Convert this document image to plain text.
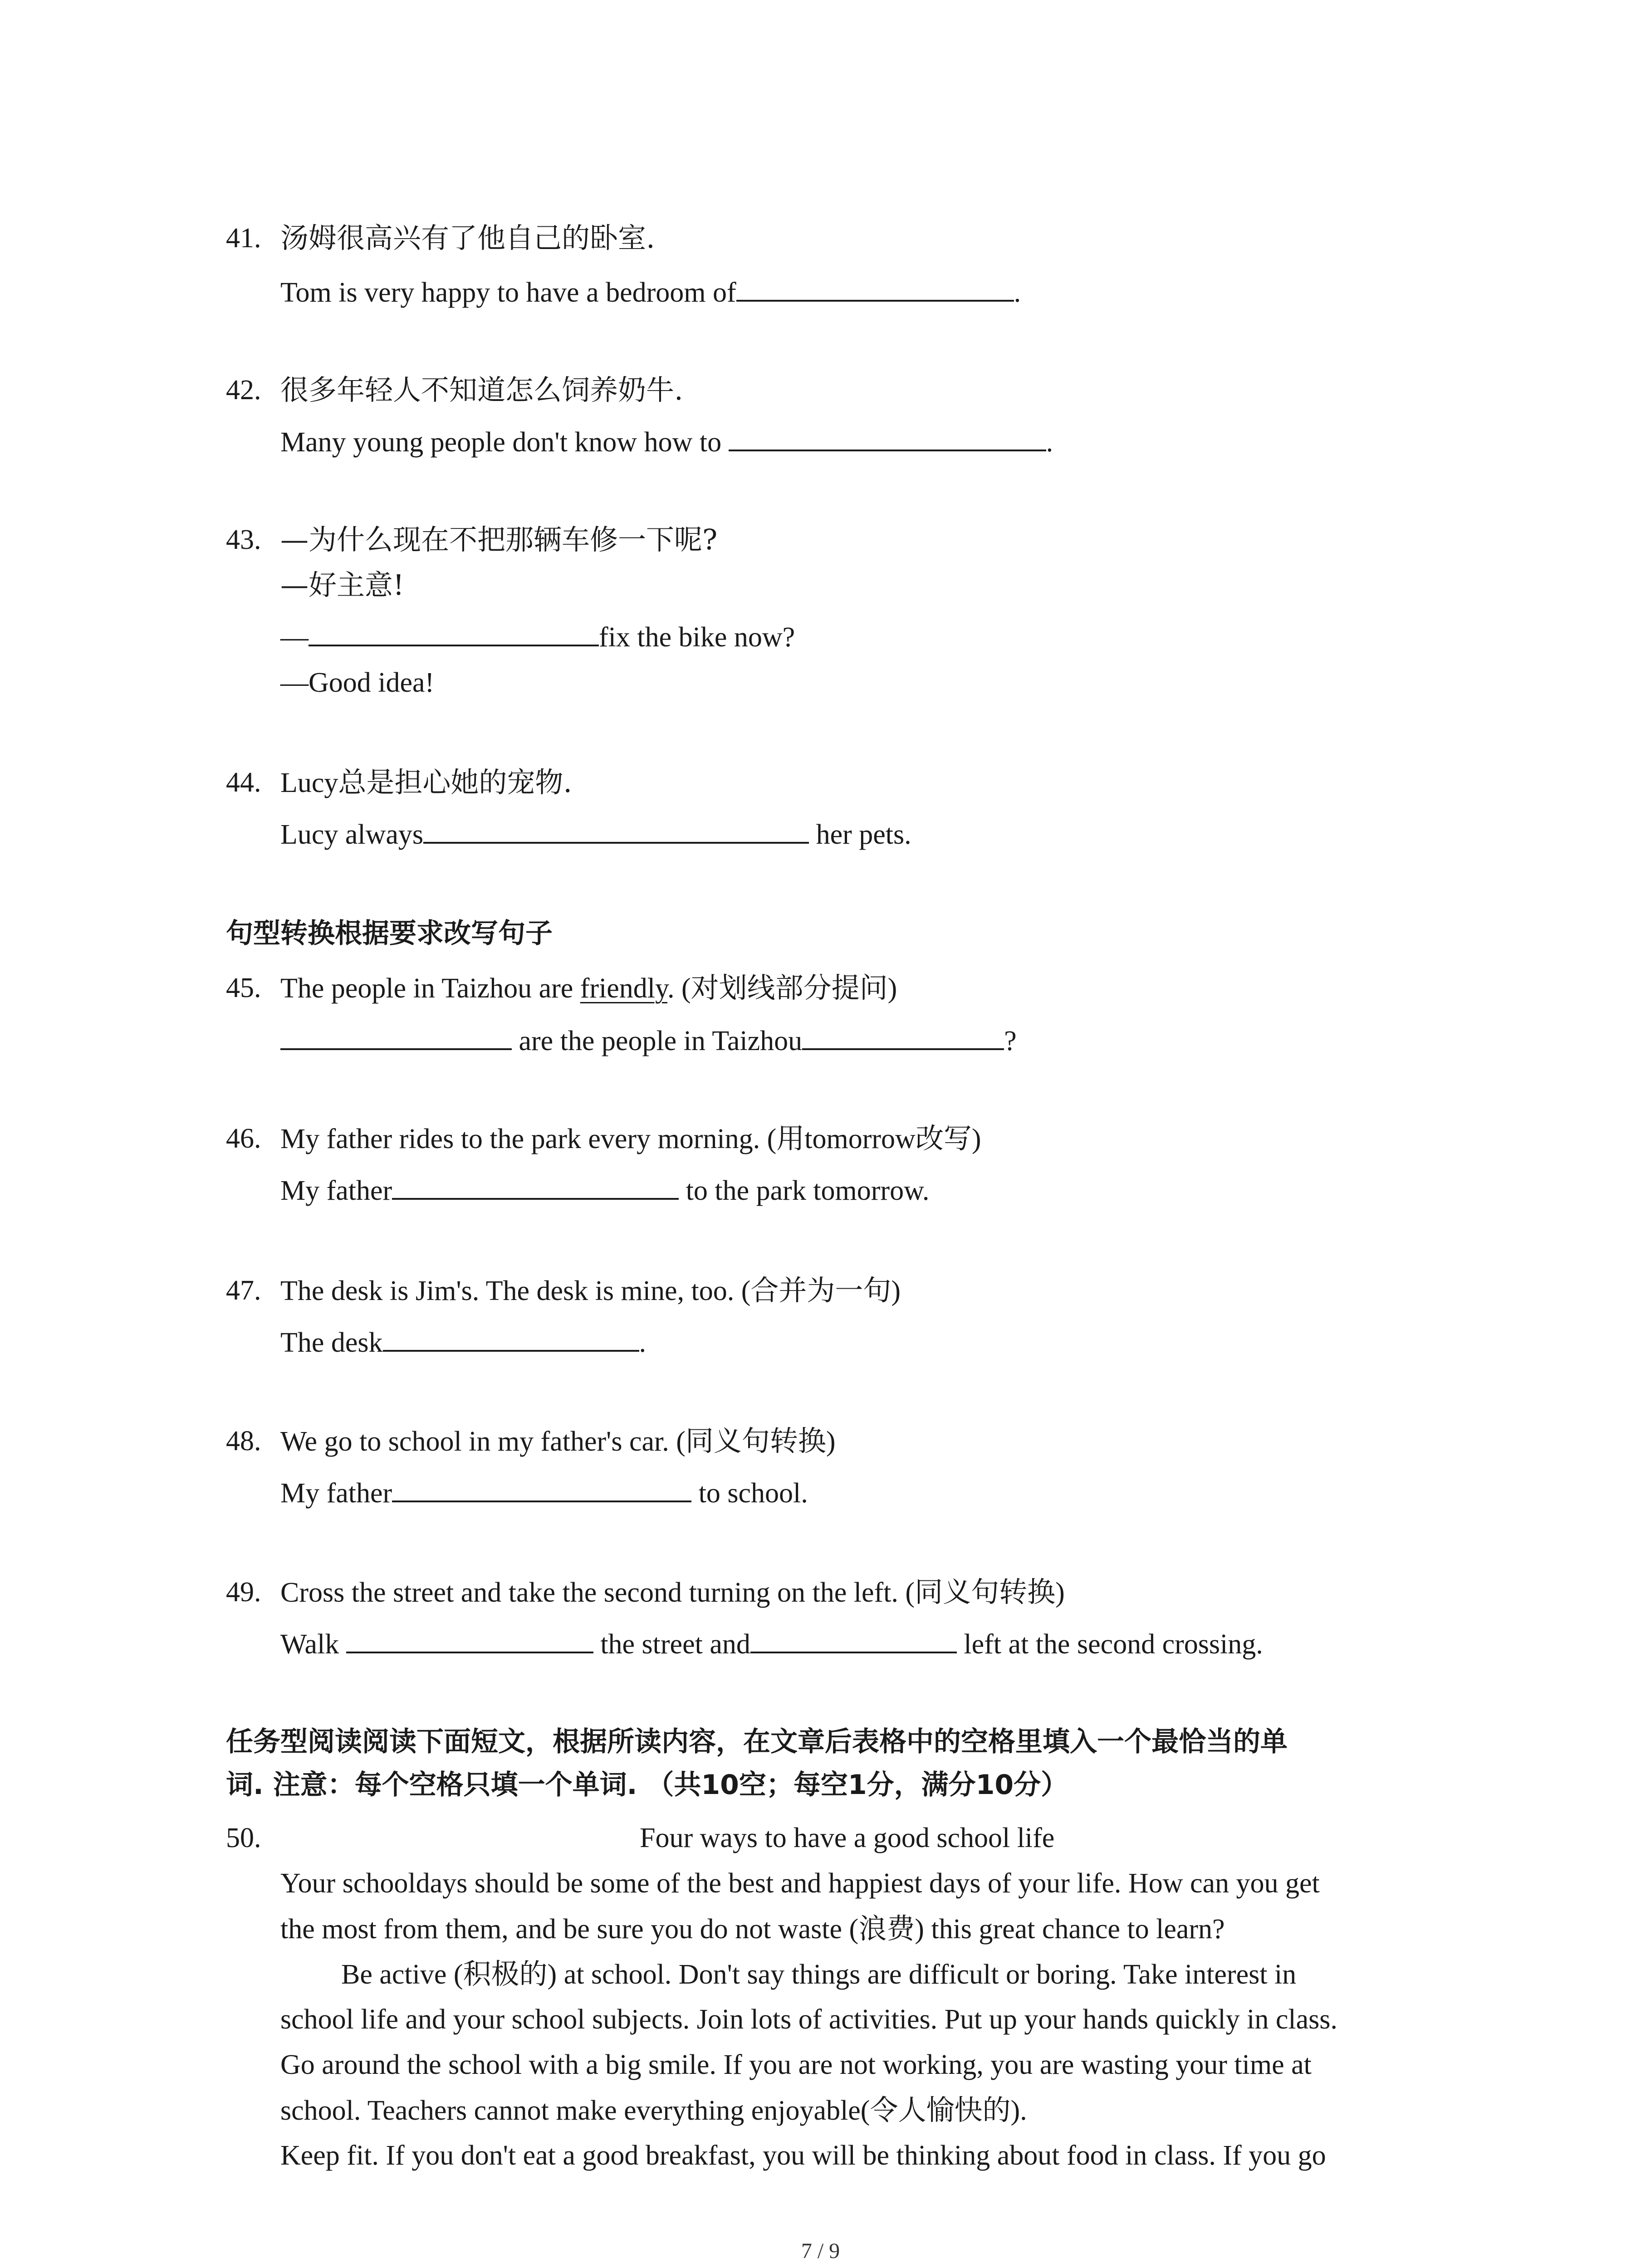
41. 汤姆很高兴有了他自己的卧室.
Tom is very happy to have a bedroom of	.
42. 很多年轻人不知道怎么饲养奶牛.
Many young people don't know how to	.
43. —为什么现在不把那辆车修一下呢?
—好主意!
—	fix the bike now?
—Good idea!
44. Lucy总是担心她的宠物.
Lucy always	her pets.
句型转换根据要求改写句子
45. The people in Taizhou are friendly. (对划线部分提问)
are the people in Taizhou	?
46. My father rides to the park every morning. (用tomorrow改写)
My father	to the park tomorrow.
47. The desk is Jim's. The desk is mine, too. (合并为一句)
The desk	.
48. We go to school in my father's car. (同义句转换)
My father	to school.
49. Cross the street and take the second turning on the left. (同义句转换)
Walk	the street and	left at the second crossing.
任务型阅读阅读下面短文，根据所读内容，在文章后表格中的空格里填入一个最恰当的单
词. 注意：每个空格只填一个单词. （共10空；每空1分，满分10分）
50.	Four ways to have a good school life
Your schooldays should be some of the best and happiest days of your life. How can you get
the most from them, and be sure you do not waste (浪费) this great chance to learn?
Be active (积极的) at school. Don't say things are difficult or boring. Take interest in
school life and your school subjects. Join lots of activities. Put up your hands quickly in class.
Go around the school with a big smile. If you are not working, you are wasting your time at
school. Teachers cannot make everything enjoyable(令人愉快的).
Keep fit. If you don't eat a good breakfast, you will be thinking about food in class. If you go
7 / 9
